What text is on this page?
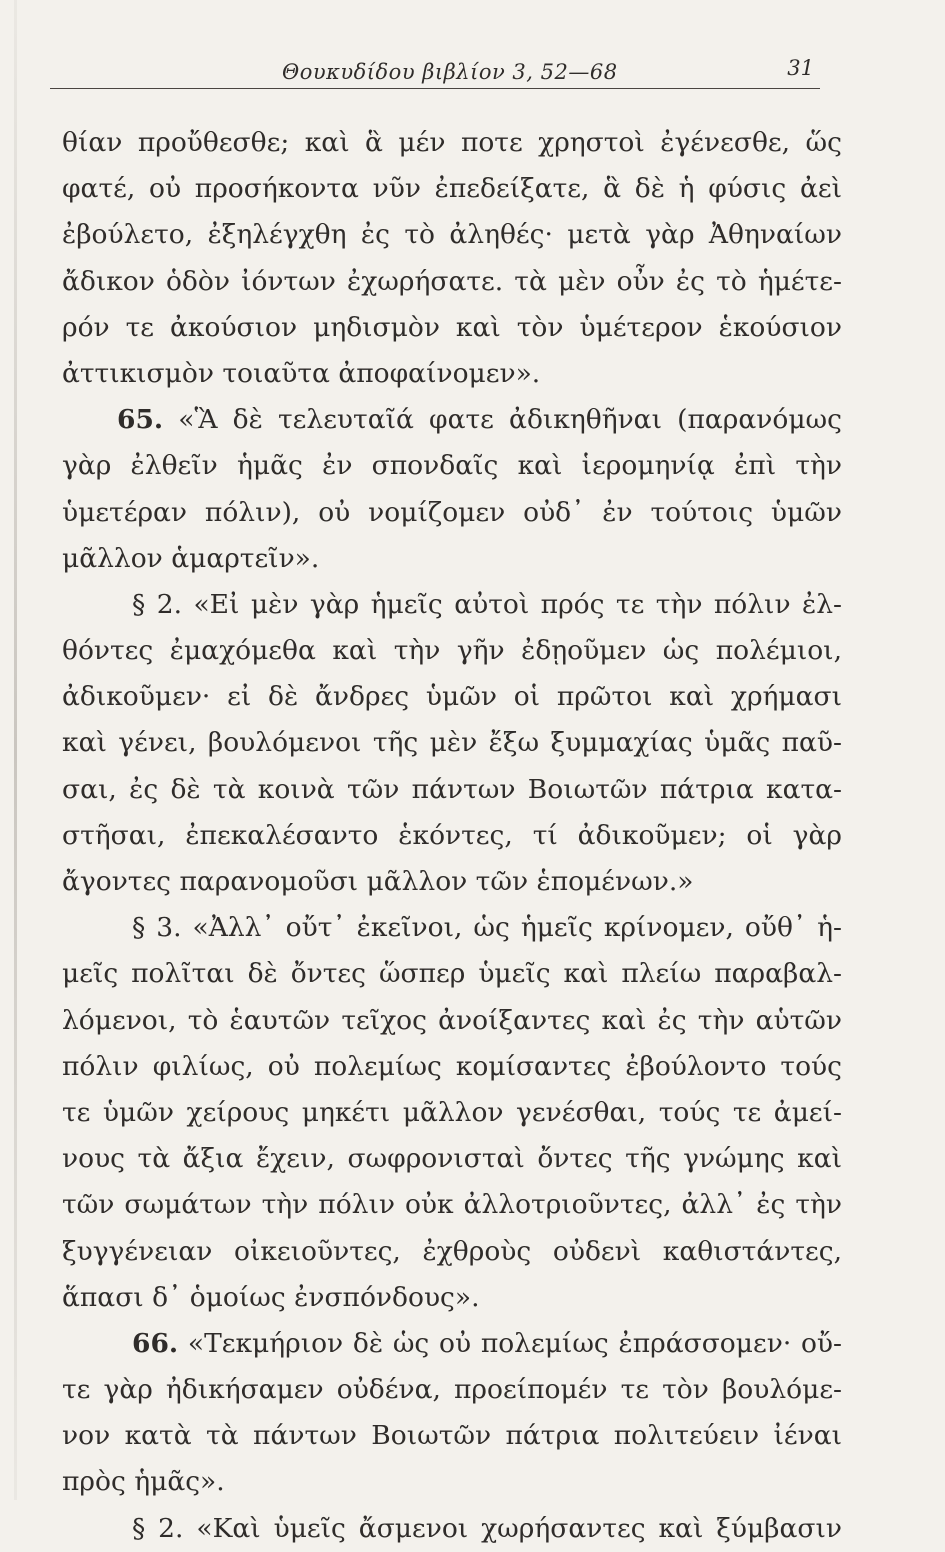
Θουκυδίδου βιβλίον 3, 52—68	31
θίαν προὔθεσθε; καὶ ἃ μέν ποτε χρηστοὶ ἐγένεσθε, ὥς
φατέ, οὐ προσήκοντα νῦν ἐπεδείξατε, ἃ δὲ ἡ φύσις ἀεὶ
ἐβούλετο, ἐξηλέγχθη ἐς τὸ ἀληθές· μετὰ γὰρ Ἀθηναίων
ἄδικον ὁδὸν ἰόντων ἐχωρήσατε. τὰ μὲν οὖν ἐς τὸ ἡμέτε-
ρόν τε ἀκούσιον μηδισμὸν καὶ τὸν ὑμέτερον ἑκούσιον
ἀττικισμὸν τοιαῦτα ἀποφαίνομεν».
65. «Ἃ δὲ τελευταῖά φατε ἀδικηθῆναι (παρανόμως
γὰρ ἐλθεῖν ἡμᾶς ἐν σπονδαῖς καὶ ἱερομηνίᾳ ἐπὶ τὴν
ὑμετέραν πόλιν), οὐ νομίζομεν οὐδ᾽ ἐν τούτοις ὑμῶν
μᾶλλον ἁμαρτεῖν».
§ 2. «Εἰ μὲν γὰρ ἡμεῖς αὐτοὶ πρός τε τὴν πόλιν ἐλ-
θόντες ἐμαχόμεθα καὶ τὴν γῆν ἐδῃοῦμεν ὡς πολέμιοι,
ἀδικοῦμεν· εἰ δὲ ἄνδρες ὑμῶν οἱ πρῶτοι καὶ χρήμασι
καὶ γένει, βουλόμενοι τῆς μὲν ἔξω ξυμμαχίας ὑμᾶς παῦ-
σαι, ἐς δὲ τὰ κοινὰ τῶν πάντων Βοιωτῶν πάτρια κατα-
στῆσαι, ἐπεκαλέσαντο ἑκόντες, τί ἀδικοῦμεν; οἱ γὰρ
ἄγοντες παρανομοῦσι μᾶλλον τῶν ἑπομένων.»
§ 3. «Ἀλλ᾽ οὔτ᾽ ἐκεῖνοι, ὡς ἡμεῖς κρίνομεν, οὔθ᾽ ἡ-
μεῖς πολῖται δὲ ὄντες ὥσπερ ὑμεῖς καὶ πλείω παραβαλ-
λόμενοι, τὸ ἑαυτῶν τεῖχος ἀνοίξαντες καὶ ἐς τὴν αὑτῶν
πόλιν φιλίως, οὐ πολεμίως κομίσαντες ἐβούλοντο τούς
τε ὑμῶν χείρους μηκέτι μᾶλλον γενέσθαι, τούς τε ἀμεί-
νους τὰ ἄξια ἔχειν, σωφρονισταὶ ὄντες τῆς γνώμης καὶ
τῶν σωμάτων τὴν πόλιν οὐκ ἀλλοτριοῦντες, ἀλλ᾽ ἐς τὴν
ξυγγένειαν οἰκειοῦντες, ἐχθροὺς οὐδενὶ καθιστάντες,
ἅπασι δ᾽ ὁμοίως ἐνσπόνδους».
66. «Τεκμήριον δὲ ὡς οὐ πολεμίως ἐπράσσομεν· οὔ-
τε γὰρ ἠδικήσαμεν οὐδένα, προείπομέν τε τὸν βουλόμε-
νον κατὰ τὰ πάντων Βοιωτῶν πάτρια πολιτεύειν ἰέναι
πρὸς ἡμᾶς».
§ 2. «Καὶ ὑμεῖς ἄσμενοι χωρήσαντες καὶ ξύμβασιν
